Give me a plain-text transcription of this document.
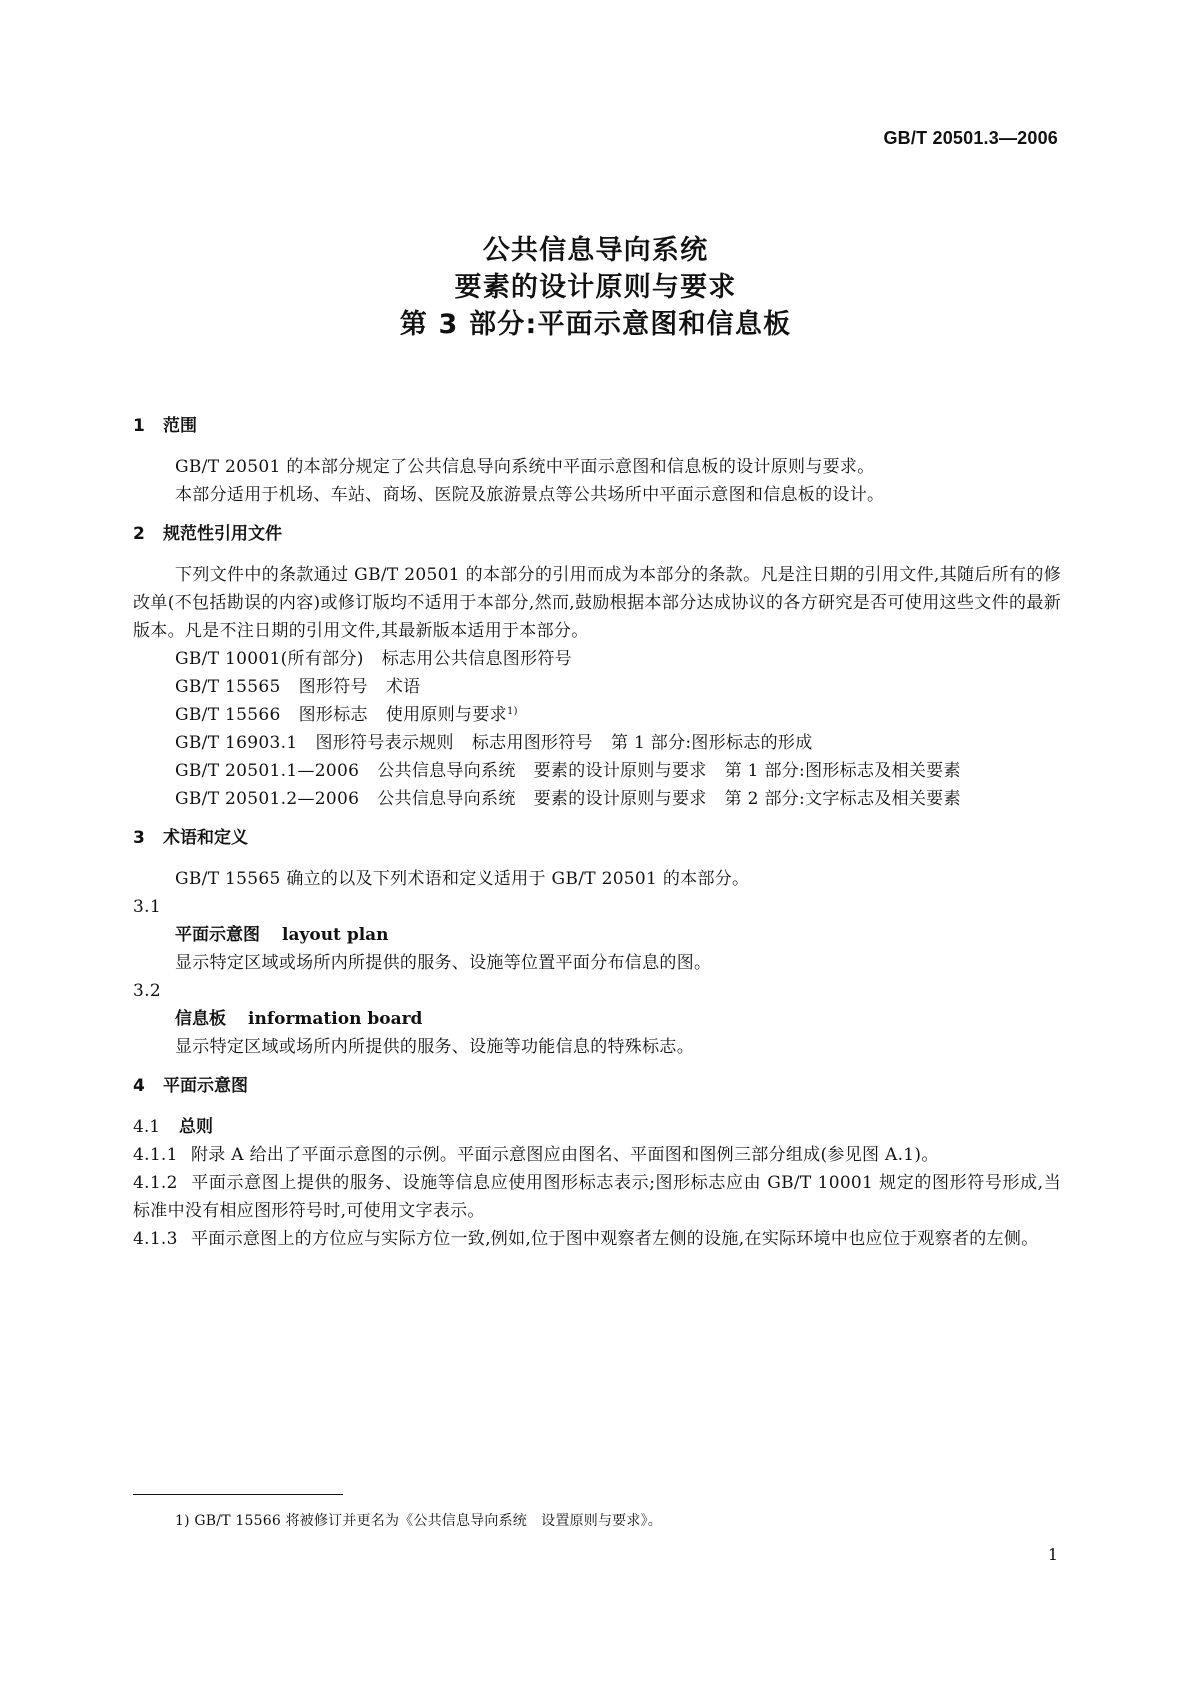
GB/T 20501.3—2006
公共信息导向系统
要素的设计原则与要求
第 3 部分:平面示意图和信息板
1 范围
GB/T 20501 的本部分规定了公共信息导向系统中平面示意图和信息板的设计原则与要求。
本部分适用于机场、车站、商场、医院及旅游景点等公共场所中平面示意图和信息板的设计。
2 规范性引用文件
下列文件中的条款通过 GB/T 20501 的本部分的引用而成为本部分的条款。凡是注日期的引用文件,其随后所有的修改单(不包括勘误的内容)或修订版均不适用于本部分,然而,鼓励根据本部分达成协议的各方研究是否可使用这些文件的最新版本。凡是不注日期的引用文件,其最新版本适用于本部分。
GB/T 10001(所有部分) 标志用公共信息图形符号
GB/T 15565 图形符号 术语
GB/T 15566 图形标志 使用原则与要求$^{1)}$
GB/T 16903.1 图形符号表示规则 标志用图形符号 第 1 部分:图形标志的形成
GB/T 20501.1—2006 公共信息导向系统 要素的设计原则与要求 第 1 部分:图形标志及相关要素
GB/T 20501.2—2006 公共信息导向系统 要素的设计原则与要求 第 2 部分:文字标志及相关要素
3 术语和定义
GB/T 15565 确立的以及下列术语和定义适用于 GB/T 20501 的本部分。
3.1
平面示意图 layout plan
显示特定区域或场所内所提供的服务、设施等位置平面分布信息的图。
3.2
信息板 information board
显示特定区域或场所内所提供的服务、设施等功能信息的特殊标志。
4 平面示意图
4.1 总则
4.1.1 附录 A 给出了平面示意图的示例。平面示意图应由图名、平面图和图例三部分组成(参见图 A.1)。
4.1.2 平面示意图上提供的服务、设施等信息应使用图形标志表示;图形标志应由 GB/T 10001 规定的图形符号形成,当标准中没有相应图形符号时,可使用文字表示。
4.1.3 平面示意图上的方位应与实际方位一致,例如,位于图中观察者左侧的设施,在实际环境中也应位于观察者的左侧。
1) GB/T 15566 将被修订并更名为《公共信息导向系统　设置原则与要求》。
1
